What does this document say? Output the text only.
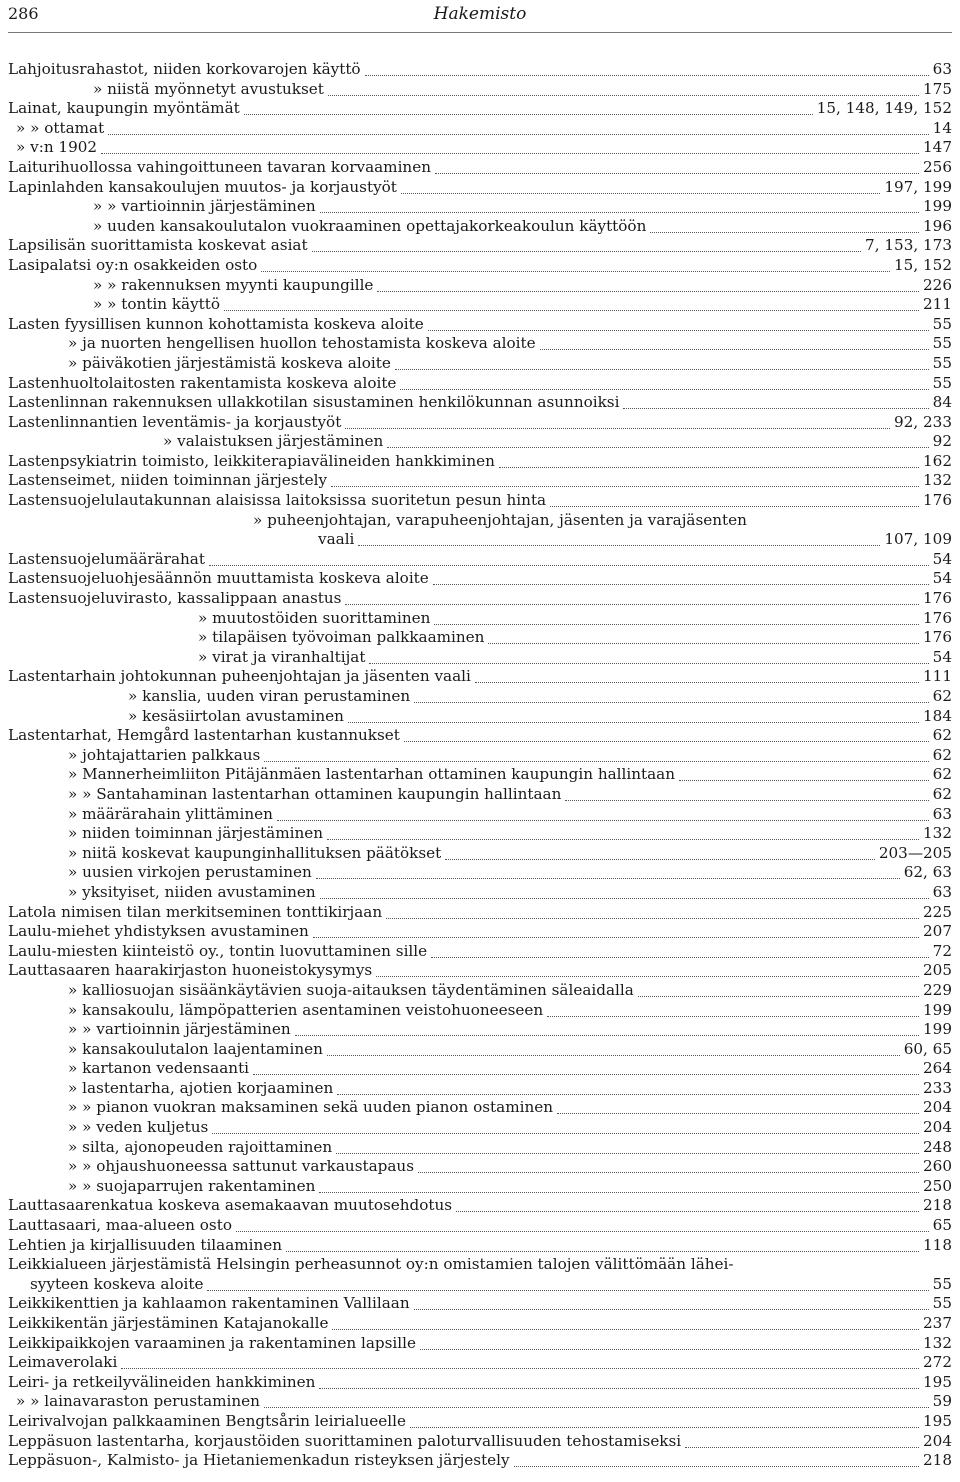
286	Hakemisto
Lahjoitusrahastot, niiden korkovarojen käyttö	63
» niistä myönnetyt avustukset	175
Lainat, kaupungin myöntämät	15, 148, 149, 152
» » ottamat	14
» v:n 1902	147
Laiturihuollossa vahingoittuneen tavaran korvaaminen	256
Lapinlahden kansakoulujen muutos- ja korjaustyöt	197, 199
» » vartioinnin järjestäminen	199
» uuden kansakoulutalon vuokraaminen opettajakorkeakoulun käyttöön	196
Lapsilisän suorittamista koskevat asiat	7, 153, 173
Lasipalatsi oy:n osakkeiden osto	15, 152
» » rakennuksen myynti kaupungille	226
» » tontin käyttö	211
Lasten fyysillisen kunnon kohottamista koskeva aloite	55
» ja nuorten hengellisen huollon tehostamista koskeva aloite	55
» päiväkotien järjestämistä koskeva aloite	55
Lastenhuoltolaitosten rakentamista koskeva aloite	55
Lastenlinnan rakennuksen ullakkotilan sisustaminen henkilökunnan asunnoiksi	84
Lastenlinnantien leventämis- ja korjaustyöt	92, 233
» valaistuksen järjestäminen	92
Lastenpsykiatrin toimisto, leikkiterapiavälineiden hankkiminen	162
Lastenseimet, niiden toiminnan järjestely	132
Lastensuojelulautakunnan alaisissa laitoksissa suoritetun pesun hinta	176
» puheenjohtajan, varapuheenjohtajan, jäsenten ja varajäsenten
vaali	107, 109
Lastensuojelumäärärahat	54
Lastensuojeluohjesäännön muuttamista koskeva aloite	54
Lastensuojeluvirasto, kassalippaan anastus	176
» muutostöiden suorittaminen	176
» tilapäisen työvoiman palkkaaminen	176
» virat ja viranhaltijat	54
Lastentarhain johtokunnan puheenjohtajan ja jäsenten vaali	111
» kanslia, uuden viran perustaminen	62
» kesäsiirtolan avustaminen	184
Lastentarhat, Hemgård lastentarhan kustannukset	62
» johtajattarien palkkaus	62
» Mannerheimliiton Pitäjänmäen lastentarhan ottaminen kaupungin hallintaan	62
» » Santahaminan lastentarhan ottaminen kaupungin hallintaan	62
» määrärahain ylittäminen	63
» niiden toiminnan järjestäminen	132
» niitä koskevat kaupunginhallituksen päätökset	203—205
» uusien virkojen perustaminen	62, 63
» yksityiset, niiden avustaminen	63
Latola nimisen tilan merkitseminen tonttikirjaan	225
Laulu-miehet yhdistyksen avustaminen	207
Laulu-miesten kiinteistö oy., tontin luovuttaminen sille	72
Lauttasaaren haarakirjaston huoneistokysymys	205
» kalliosuojan sisäänkäytävien suoja-aitauksen täydentäminen säleaidalla	229
» kansakoulu, lämpöpatterien asentaminen veistohuoneeseen	199
» » vartioinnin järjestäminen	199
» kansakoulutalon laajentaminen	60, 65
» kartanon vedensaanti	264
» lastentarha, ajotien korjaaminen	233
» » pianon vuokran maksaminen sekä uuden pianon ostaminen	204
» » veden kuljetus	204
» silta, ajonopeuden rajoittaminen	248
» » ohjaushuoneessa sattunut varkaustapaus	260
» » suojaparrujen rakentaminen	250
Lauttasaarenkatua koskeva asemakaavan muutosehdotus	218
Lauttasaari, maa-alueen osto	65
Lehtien ja kirjallisuuden tilaaminen	118
Leikkialueen järjestämistä Helsingin perheasunnot oy:n omistamien talojen välittömään lähei-
syyteen koskeva aloite	55
Leikkikenttien ja kahlaamon rakentaminen Vallilaan	55
Leikkikentän järjestäminen Katajanokalle	237
Leikkipaikkojen varaaminen ja rakentaminen lapsille	132
Leimaverolaki	272
Leiri- ja retkeilyvälineiden hankkiminen	195
» » lainavaraston perustaminen	59
Leirivalvojan palkkaaminen Bengtsårin leirialueelle	195
Leppäsuon lastentarha, korjaustöiden suorittaminen paloturvallisuuden tehostamiseksi	204
Leppäsuon-, Kalmisto- ja Hietaniemenkadun risteyksen järjestely	218
